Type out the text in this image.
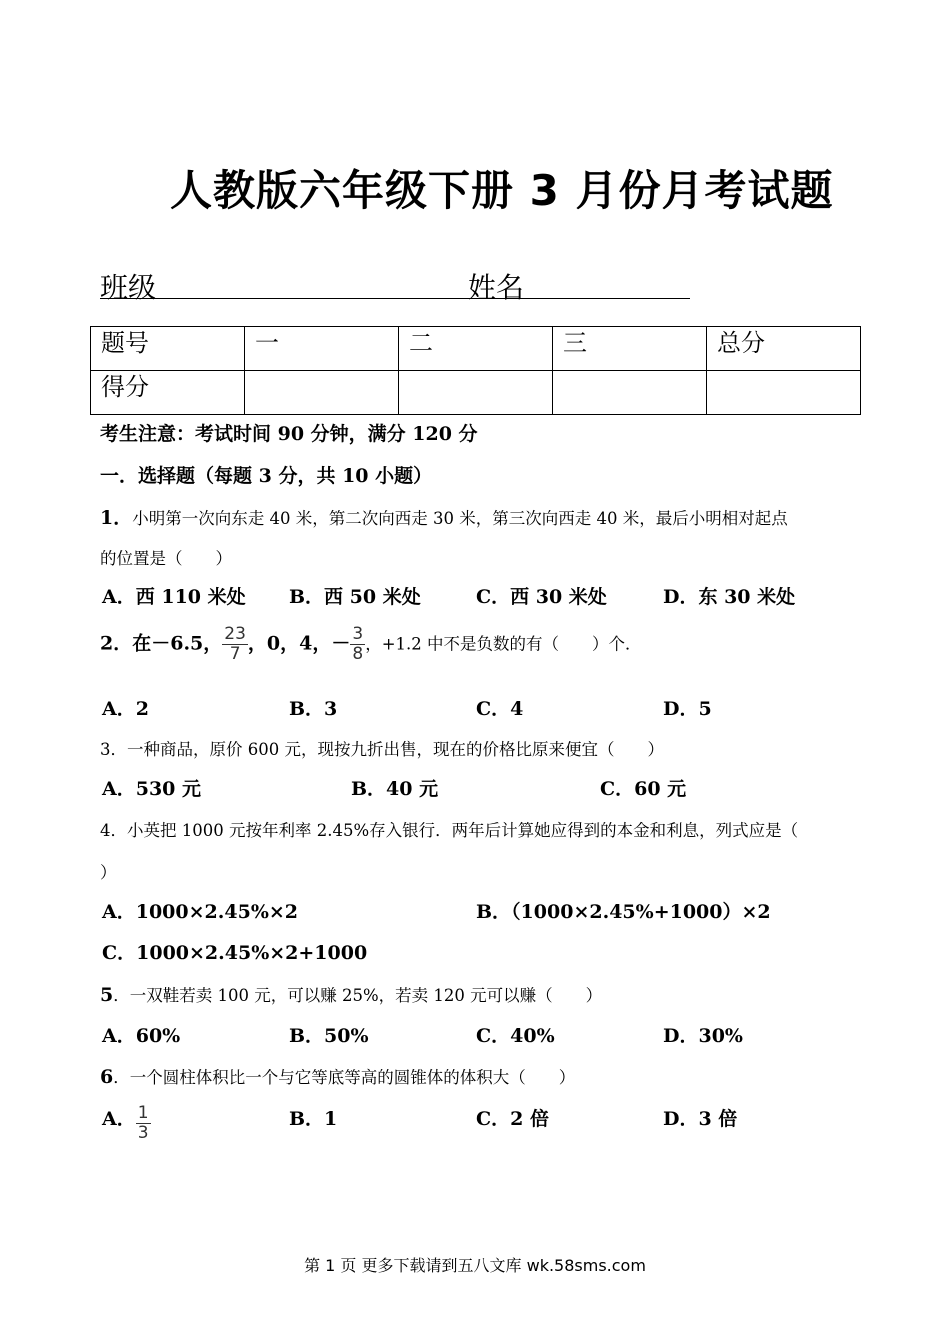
人教版六年级下册 3 月份月考试题
班级	姓名
题号	一	二	三	总分
得分				
考生注意：考试时间 90 分钟，满分 120 分
一．选择题（每题 3 分，共 10 小题）
1．小明第一次向东走 40 米，第二次向西走 30 米，第三次向西走 40 米，最后小明相对起点
的位置是（　　）
A．西 110 米处 B．西 50 米处	C．西 30 米处	D．东 30 米处
2．在－6.5， $\frac{23}{7}$ ，0，4，－ $\frac{3}{8}$ ，+1.2 中不是负数的有（　　）个．
A．2	B．3	C．4	D．5
3．一种商品，原价 600 元，现按九折出售，现在的价格比原来便宜（　　）
A．530 元	B．40 元	C．60 元
4．小英把 1000 元按年利率 2.45%存入银行．两年后计算她应得到的本金和利息，列式应是（
）
A．1000×2.45%×2	B．（1000×2.45%+1000）×2
C．1000×2.45%×2+1000
5．一双鞋若卖 100 元，可以赚 25%，若卖 120 元可以赚（　　）
A．60%	B．50%	C．40%	D．30%
6．一个圆柱体积比一个与它等底等高的圆锥体的体积大（　　）
A． $\frac{1}{3}$	B．1	C．2 倍	D．3 倍
第 1 页 更多下载请到五八文库 wk.58sms.com
